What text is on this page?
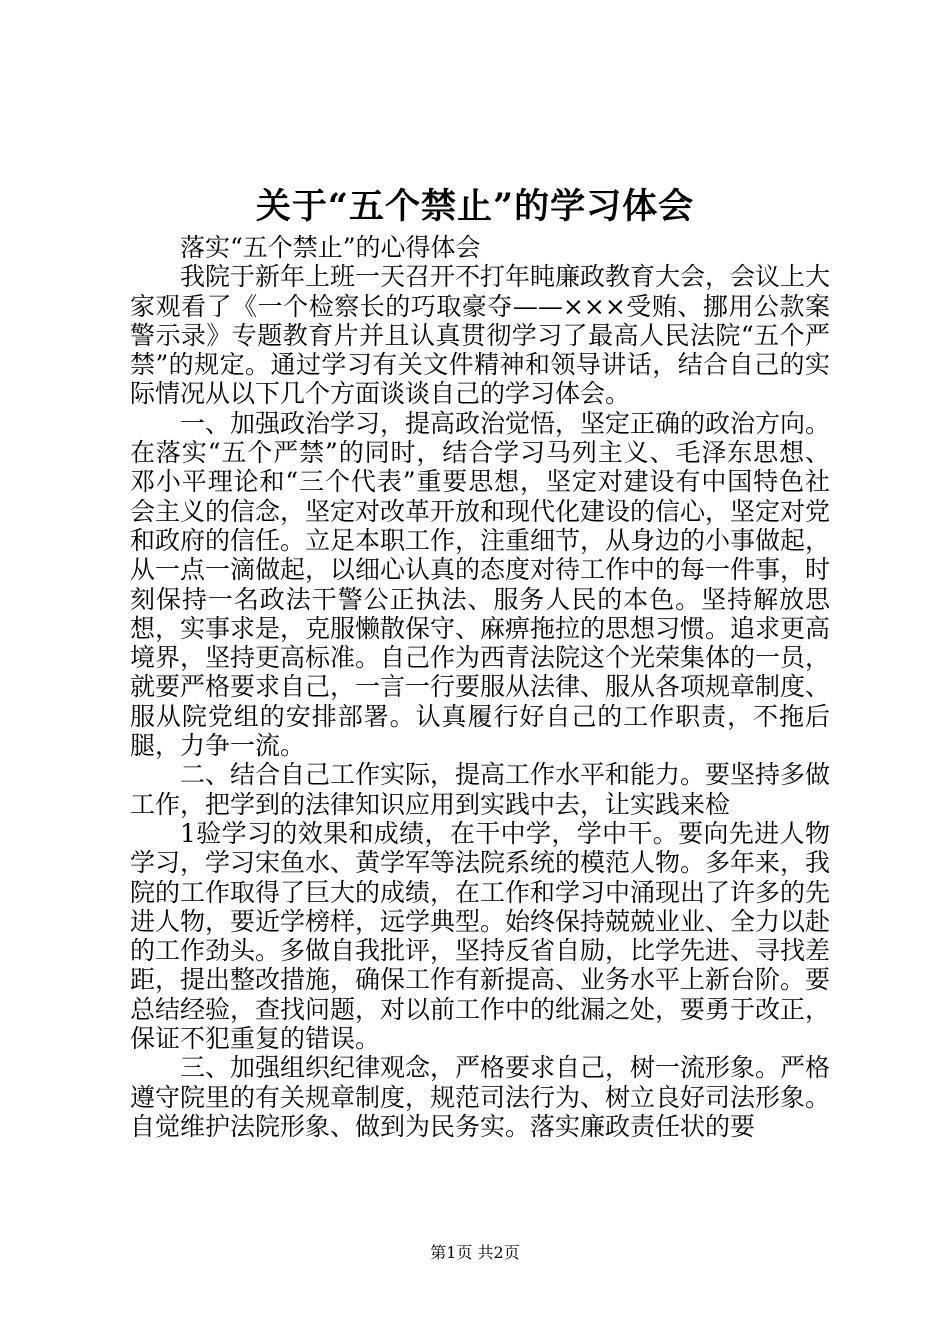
关于“五个禁止”的学习体会

落实“五个禁止”的心得体会

我院于新年上班一天召开不打年盹廉政教育大会，会议上大家观看了《一个检察长的巧取豪夺——×××受贿、挪用公款案警示录》专题教育片并且认真贯彻学习了最高人民法院“五个严禁”的规定。通过学习有关文件精神和领导讲话，结合自己的实际情况从以下几个方面谈谈自己的学习体会。

一、加强政治学习，提高政治觉悟，坚定正确的政治方向。在落实“五个严禁”的同时，结合学习马列主义、毛泽东思想、邓小平理论和“三个代表”重要思想，坚定对建设有中国特色社会主义的信念，坚定对改革开放和现代化建设的信心，坚定对党和政府的信任。立足本职工作，注重细节，从身边的小事做起，从一点一滴做起，以细心认真的态度对待工作中的每一件事，时刻保持一名政法干警公正执法、服务人民的本色。坚持解放思想，实事求是，克服懒散保守、麻痹拖拉的思想习惯。追求更高境界，坚持更高标准。自己作为西青法院这个光荣集体的一员，就要严格要求自己，一言一行要服从法律、服从各项规章制度、服从院党组的安排部署。认真履行好自己的工作职责，不拖后腿，力争一流。

二、结合自己工作实际，提高工作水平和能力。要坚持多做工作，把学到的法律知识应用到实践中去，让实践来检

1验学习的效果和成绩，在干中学，学中干。要向先进人物学习，学习宋鱼水、黄学军等法院系统的模范人物。多年来，我院的工作取得了巨大的成绩，在工作和学习中涌现出了许多的先进人物，要近学榜样，远学典型。始终保持兢兢业业、全力以赴的工作劲头。多做自我批评，坚持反省自励，比学先进、寻找差距，提出整改措施，确保工作有新提高、业务水平上新台阶。要总结经验，查找问题，对以前工作中的纰漏之处，要勇于改正，保证不犯重复的错误。

三、加强组织纪律观念，严格要求自己，树一流形象。严格遵守院里的有关规章制度，规范司法行为、树立良好司法形象。自觉维护法院形象、做到为民务实。落实廉政责任状的要

第1页 共2页
